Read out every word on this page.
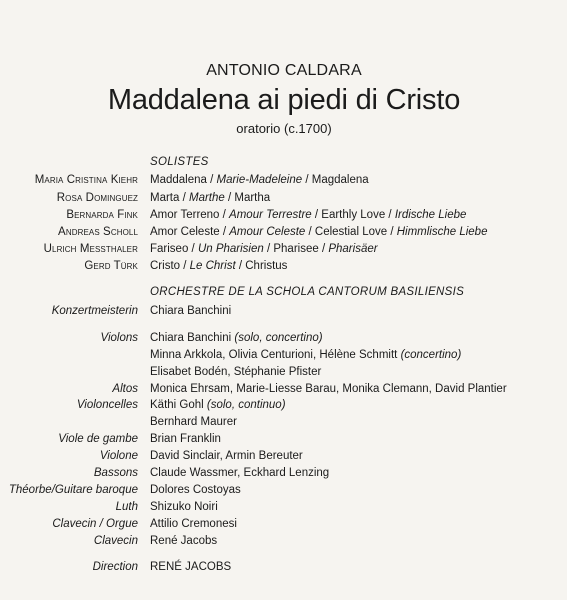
ANTONIO CALDARA
Maddalena ai piedi di Cristo
oratorio (c.1700)
SOLISTES
Maria Cristina Kiehr Maddalena / Marie-Madeleine / Magdalena
Rosa Dominguez Marta / Marthe / Martha
Bernarda Fink Amor Terreno / Amour Terrestre / Earthly Love / Irdische Liebe
Andreas Scholl Amor Celeste / Amour Celeste / Celestial Love / Himmlische Liebe
Ulrich Messthaler Fariseo / Un Pharisien / Pharisee / Pharisäer
Gerd Türk Cristo / Le Christ / Christus
ORCHESTRE DE LA SCHOLA CANTORUM BASILIENSIS
Konzertmeisterin Chiara Banchini
Violons Chiara Banchini (solo, concertino)
Minna Arkkola, Olivia Centurioni, Hélène Schmitt (concertino)
Elisabet Bodén, Stéphanie Pfister
Altos Monica Ehrsam, Marie-Liesse Barau, Monika Clemann, David Plantier
Violoncelles Käthi Gohl (solo, continuo)
Bernhard Maurer
Viole de gambe Brian Franklin
Violone David Sinclair, Armin Bereuter
Bassons Claude Wassmer, Eckhard Lenzing
Théorbe/Guitare baroque Dolores Costoyas
Luth Shizuko Noiri
Clavecin / Orgue Attilio Cremonesi
Clavecin René Jacobs
Direction RENÉ JACOBS
